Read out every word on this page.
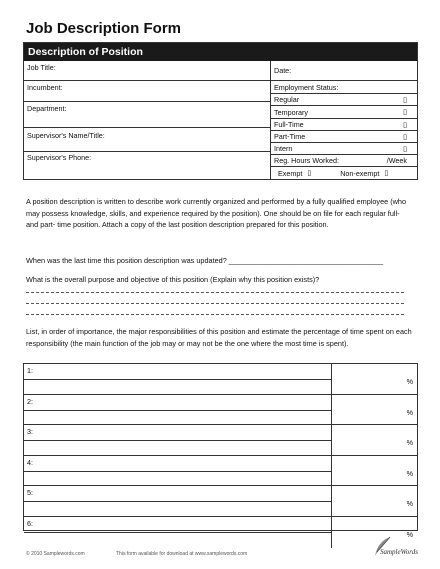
Job Description Form
Description of Position
Job Title:
Incumbent:
Department:
Supervisor's Name/Title:
Supervisor's Phone:
Date:
Employment Status:
Regular	▯
Temporary	▯
Full-Time	▯
Part-Time	▯
Intern	▯
Reg. Hours Worked:	/Week
Exempt ▯	Non-exempt ▯
A position description is written to describe work currently organized and performed by a fully qualified employee (who may possess knowledge, skills, and experience required by the position). One should be on file for each regular full- and part- time position. Attach a copy of the last position description prepared for this position.
When was the last time this position description was updated? ______________________________________
What is the overall purpose and objective of this position (Explain why this position exists)?
List, in order of importance, the major responsibilities of this position and estimate the percentage of time spent on each responsibility (the main function of the job may or may not be the one where the most time is spent).
1:
%
2:
%
3:
%
4:
%
5:
%
6:
%
© 2010 Samplewords.com	This form available for download at www.samplewords.com	SampleWords
